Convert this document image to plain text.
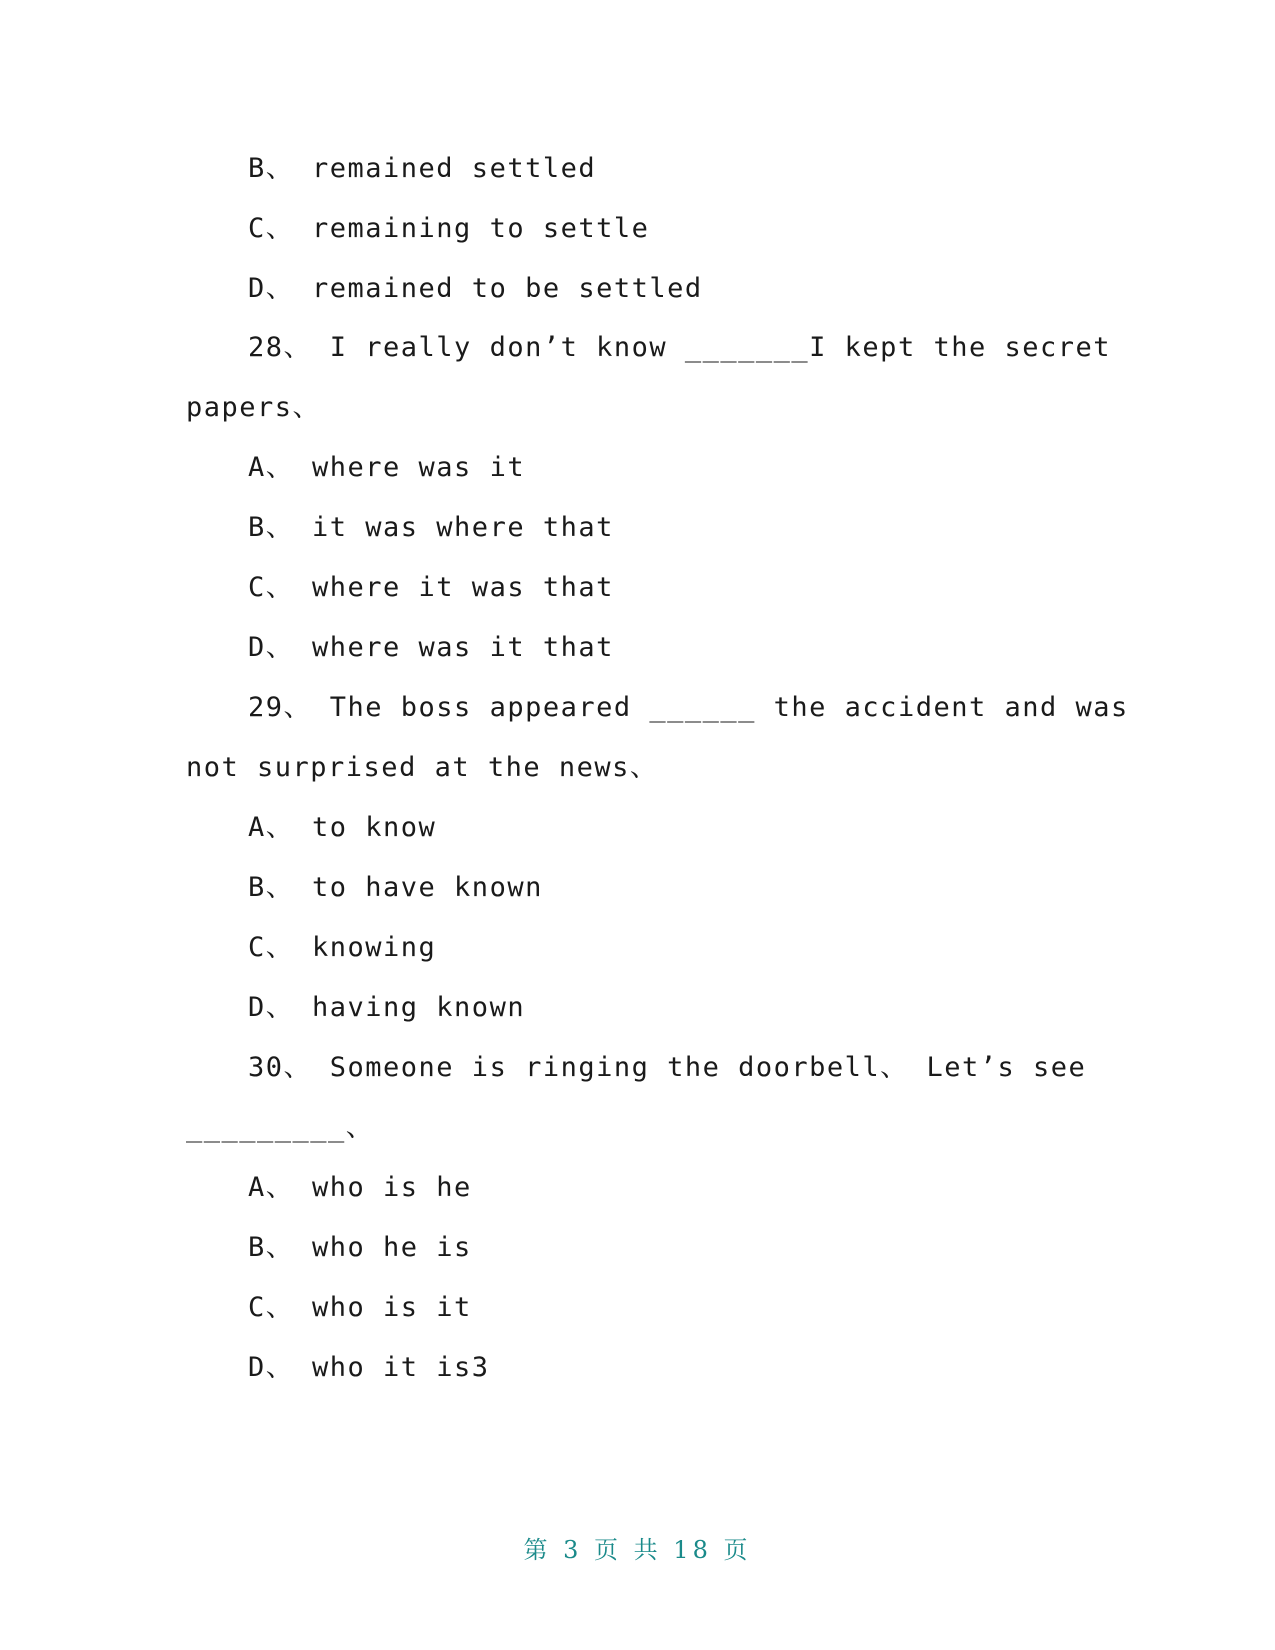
B、 remained settled
C、 remaining to settle
D、 remained to be settled
28、 I really don’t know _______I kept the secret
papers、
A、 where was it
B、 it was where that
C、 where it was that
D、 where was it that
29、 The boss appeared ______ the accident and was
not surprised at the news、
A、 to know
B、 to have known
C、 knowing
D、 having known
30、 Someone is ringing the doorbell、 Let’s see
_________、
A、 who is he
B、 who he is
C、 who is it
D、 who it is3
第 3 页 共 18 页
